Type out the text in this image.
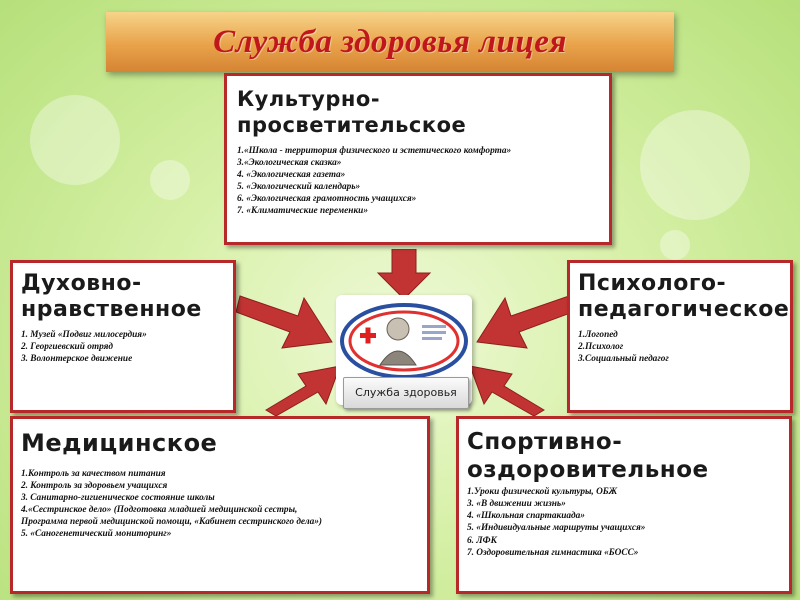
Служба здоровья лицея
Служба здоровья
Культурно-просветительское
1.«Школа - территория физического и эстетического комфорта»
3.«Экологическая сказка»
4. «Экологическая газета»
5. «Экологический календарь»
6. «Экологическая грамотность учащихся»
7. «Климатические переменки»
Духовно-нравственное
1. Музей «Подвиг милосердия»
2. Георгиевский отряд
3. Волонтерское движение
Психолого-педагогическое
1.Логопед
2.Психолог
3.Социальный педагог
Медицинское
1.Контроль за качеством питания
2. Контроль за здоровьем учащихся
3. Санитарно-гигиеническое состояние школы
4.«Сестринское дело» (Подготовка младшей медицинской сестры,
Программа первой медицинской помощи, «Кабинет сестринского дела»)
5. «Саногенетический мониторинг»
Спортивно-оздоровительное
1.Уроки физической культуры, ОБЖ
3. «В движении жизнь»
4. «Школьная спартакиада»
5. «Индивидуальные маршруты учащихся»
6. ЛФК
7. Оздоровительная гимнастика «БОСС»
